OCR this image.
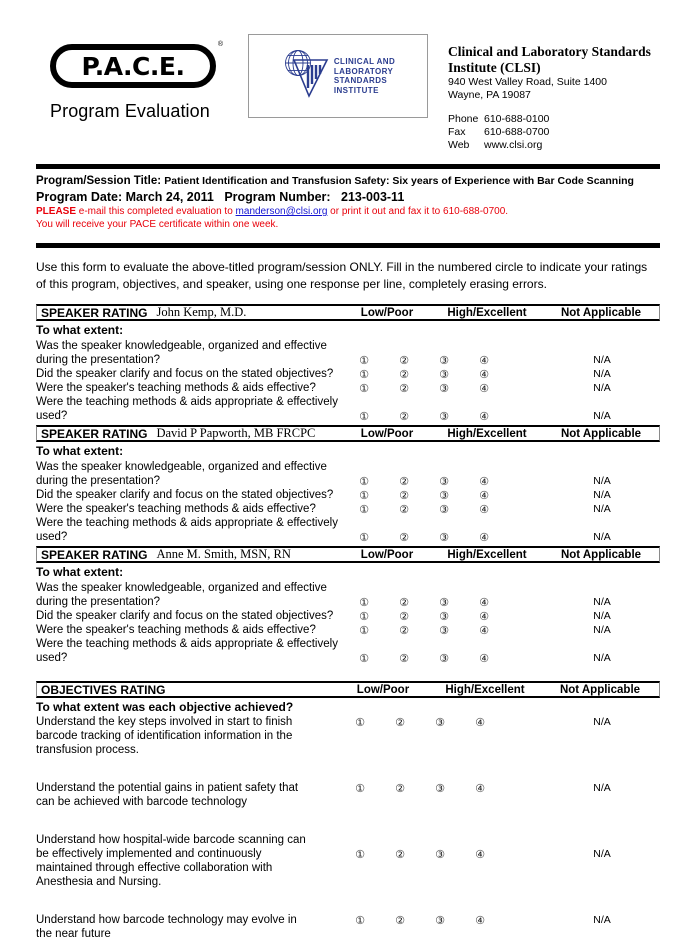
P.A.C.E.
®
Program Evaluation
CLINICAL AND
LABORATORY
STANDARDS
INSTITUTE
Clinical and Laboratory Standards Institute (CLSI)
940 West Valley Road, Suite 1400
Wayne, PA 19087
Phone 610-688-0100
Fax	610-688-0700
Web	www.clsi.org
Program/Session Title: Patient Identification and Transfusion Safety: Six years of Experience with Bar Code Scanning
Program Date: March 24, 2011 Program Number: 213-003-11
PLEASE e-mail this completed evaluation to manderson@clsi.org or print it out and fax it to 610-688-0700.
You will receive your PACE certificate within one week.
Use this form to evaluate the above-titled program/session ONLY. Fill in the numbered circle to indicate your ratings of this program, objectives, and speaker, using one response per line, completely erasing errors.
SPEAKER RATING John Kemp, M.D.	Low/Poor	High/Excellent	Not Applicable
To what extent:
Was the speaker knowledgeable, organized and effective during the presentation?	①	②	③	④	N/A
Did the speaker clarify and focus on the stated objectives?	①	②	③	④	N/A
Were the speaker's teaching methods & aids effective?	①	②	③	④	N/A
Were the teaching methods & aids appropriate & effectively used?	①	②	③	④	N/A
SPEAKER RATING David P Papworth, MB FRCPC	Low/Poor	High/Excellent	Not Applicable
To what extent:
Was the speaker knowledgeable, organized and effective during the presentation?	①	②	③	④	N/A
Did the speaker clarify and focus on the stated objectives?	①	②	③	④	N/A
Were the speaker's teaching methods & aids effective?	①	②	③	④	N/A
Were the teaching methods & aids appropriate & effectively used?	①	②	③	④	N/A
SPEAKER RATING Anne M. Smith, MSN, RN	Low/Poor	High/Excellent	Not Applicable
To what extent:
Was the speaker knowledgeable, organized and effective during the presentation?	①	②	③	④	N/A
Did the speaker clarify and focus on the stated objectives?	①	②	③	④	N/A
Were the speaker's teaching methods & aids effective?	①	②	③	④	N/A
Were the teaching methods & aids appropriate & effectively used?	①	②	③	④	N/A
OBJECTIVES RATING	Low/Poor	High/Excellent	Not Applicable
To what extent was each objective achieved?
Understand the key steps involved in start to finish barcode tracking of identification information in the transfusion process.
①	②	③	④	N/A
Understand the potential gains in patient safety that can be achieved with barcode technology
①	②	③	④	N/A
Understand how hospital-wide barcode scanning can be effectively implemented and continuously maintained through effective collaboration with Anesthesia and Nursing.
①	②	③	④	N/A
Understand how barcode technology may evolve in the near future
①	②	③	④	N/A
